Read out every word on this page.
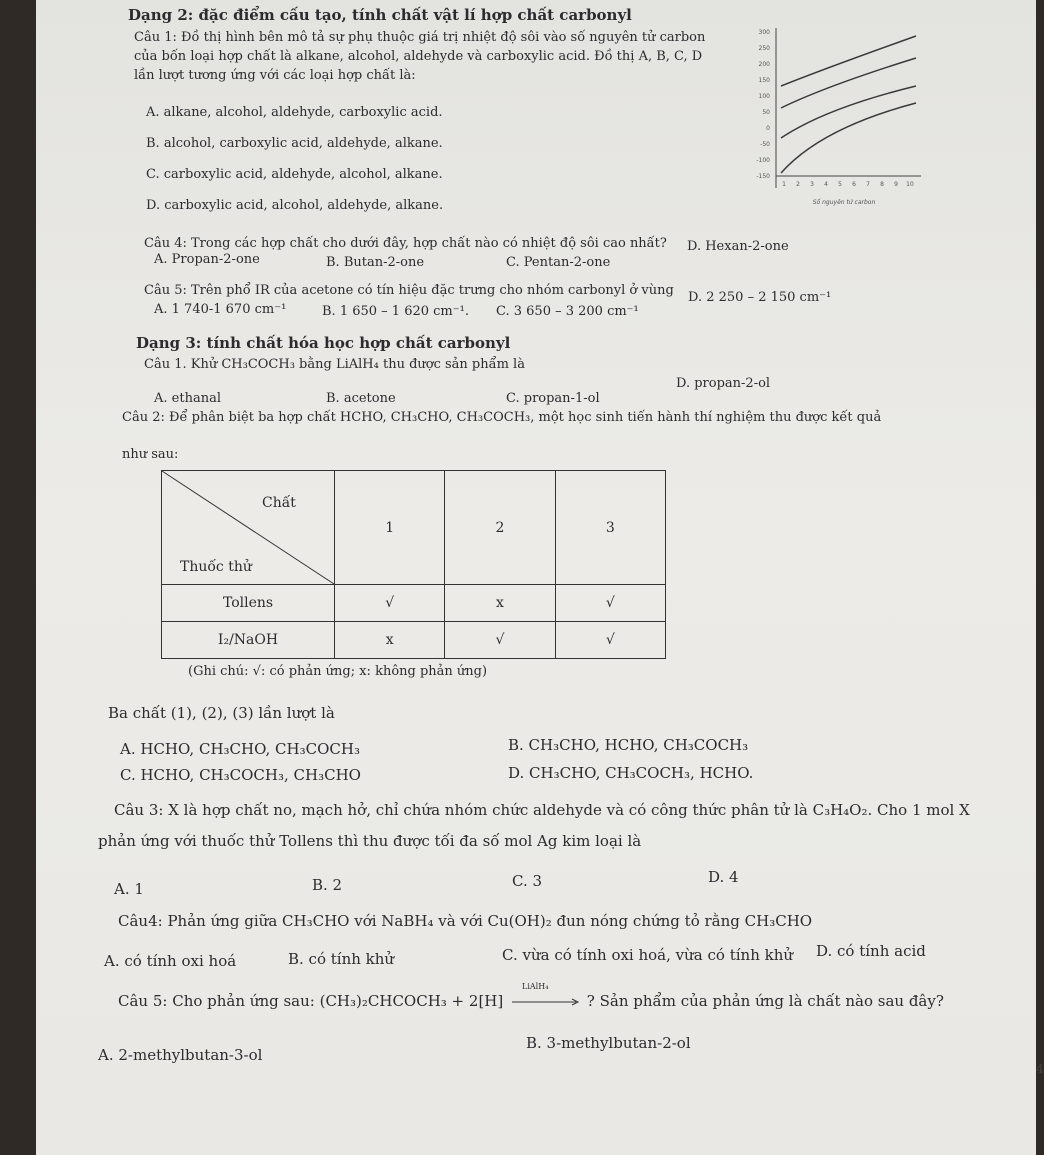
Dạng 2: đặc điểm cấu tạo, tính chất vật lí hợp chất carbonyl
Câu 1: Đồ thị hình bên mô tả sự phụ thuộc giá trị nhiệt độ sôi vào số nguyên tử carbon
của bốn loại hợp chất là alkane, alcohol, aldehyde và carboxylic acid. Đồ thị A, B, C, D
lần lượt tương ứng với các loại hợp chất là:
A. alkane, alcohol, aldehyde, carboxylic acid.
B. alcohol, carboxylic acid, aldehyde, alkane.
C. carboxylic acid, aldehyde, alcohol, alkane.
D. carboxylic acid, alcohol, aldehyde, alkane.
300
250
200
150
100
50
0
-50
-100
-150
1 2 3 4 5 6 7 8 9 10
Số nguyên tử carbon
Câu 4: Trong các hợp chất cho dưới đây, hợp chất nào có nhiệt độ sôi cao nhất?
A. Propan-2-one	B. Butan-2-one	C. Pentan-2-one
D. Hexan-2-one
Câu 5: Trên phổ IR của acetone có tín hiệu đặc trưng cho nhóm carbonyl ở vùng
A. 1 740-1 670 cm⁻¹	B. 1 650 – 1 620 cm⁻¹. C. 3 650 – 3 200 cm⁻¹
D. 2 250 – 2 150 cm⁻¹
Dạng 3: tính chất hóa học hợp chất carbonyl
Câu 1. Khử CH₃COCH₃ bằng LiAlH₄ thu được sản phẩm là
A. ethanal	B. acetone	C. propan-1-ol
D. propan-2-ol
Câu 2: Để phân biệt ba hợp chất HCHO, CH₃CHO, CH₃COCH₃, một học sinh tiến hành thí nghiệm thu được kết quả
như sau:
Chất
Thuốc thử	1	2	3
Tollens	√	x	√
I₂/NaOH	x	√	√
(Ghi chú: √: có phản ứng; x: không phản ứng)
Ba chất (1), (2), (3) lần lượt là
A. HCHO, CH₃CHO, CH₃COCH₃	B. CH₃CHO, HCHO, CH₃COCH₃
C. HCHO, CH₃COCH₃, CH₃CHO	D. CH₃CHO, CH₃COCH₃, HCHO.
Câu 3: X là hợp chất no, mạch hở, chỉ chứa nhóm chức aldehyde và có công thức phân tử là C₃H₄O₂. Cho 1 mol X
phản ứng với thuốc thử Tollens thì thu được tối đa số mol Ag kim loại là
A. 1	B. 2	C. 3	D. 4
Câu4: Phản ứng giữa CH₃CHO với NaBH₄ và với Cu(OH)₂ đun nóng chứng tỏ rằng CH₃CHO
A. có tính oxi hoá	B. có tính khử	C. vừa có tính oxi hoá, vừa có tính khử D. có tính acid
Câu 5: Cho phản ứng sau: (CH₃)₂CHCOCH₃ + 2[H]
LiAlH₄
? Sản phẩm của phản ứng là chất nào sau đây?
A. 2-methylbutan-3-ol
B. 3-methylbutan-2-ol
4
